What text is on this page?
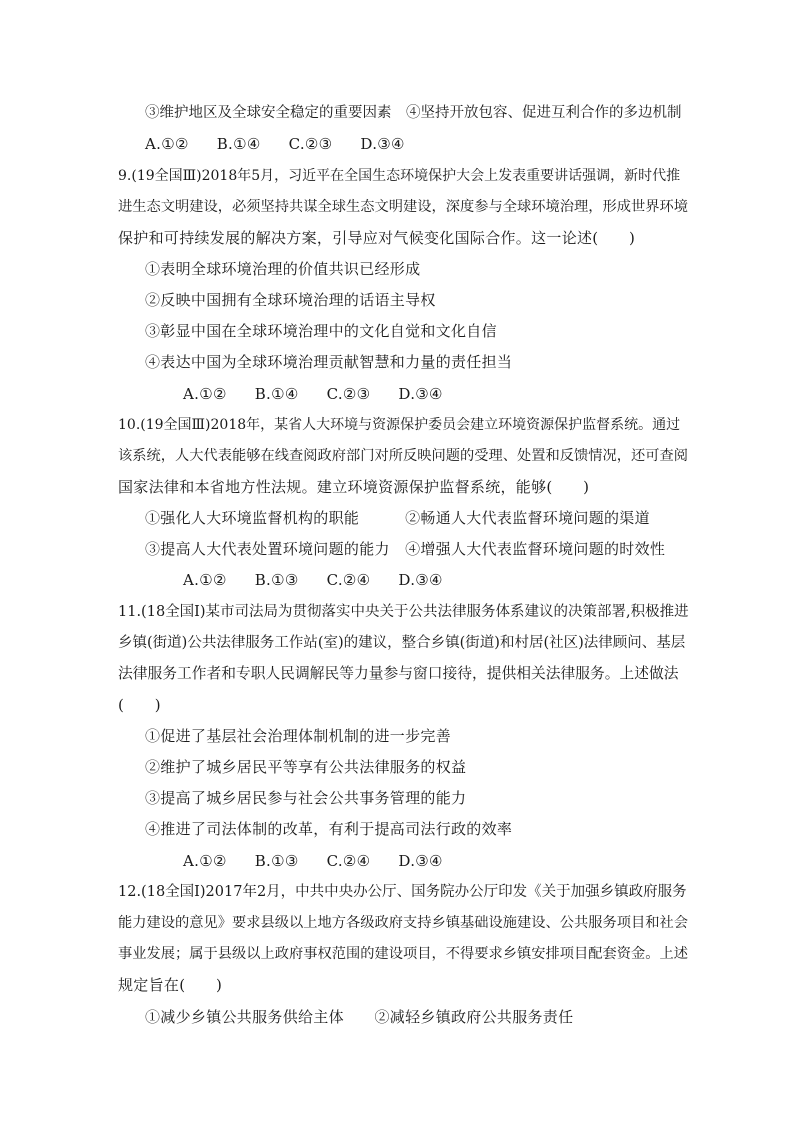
③维护地区及全球安全稳定的重要因素　④坚持开放包容、促进互利合作的多边机制
A.①② B.①④ C.②③ D.③④
9.(19全国Ⅲ)2018年5月，习近平在全国生态环境保护大会上发表重要讲话强调，新时代推
进生态文明建设，必须坚持共谋全球生态文明建设，深度参与全球环境治理，形成世界环境
保护和可持续发展的解决方案，引导应对气候变化国际合作。这一论述(　　)
①表明全球环境治理的价值共识已经形成
②反映中国拥有全球环境治理的话语主导权
③彰显中国在全球环境治理中的文化自觉和文化自信
④表达中国为全球环境治理贡献智慧和力量的责任担当
A.①② B.①④ C.②③ D.③④
10.(19全国Ⅲ)2018年，某省人大环境与资源保护委员会建立环境资源保护监督系统。通过
该系统，人大代表能够在线查阅政府部门对所反映问题的受理、处置和反馈情况，还可查阅
国家法律和本省地方性法规。建立环境资源保护监督系统，能够(　　)
①强化人大环境监督机构的职能　　　②畅通人大代表监督环境问题的渠道
③提高人大代表处置环境问题的能力　④增强人大代表监督环境问题的时效性
A.①② B.①③ C.②④ D.③④
11.(18全国Ⅰ)某市司法局为贯彻落实中央关于公共法律服务体系建议的决策部署,积极推进
乡镇(街道)公共法律服务工作站(室)的建议，整合乡镇(街道)和村居(社区)法律顾问、基层
法律服务工作者和专职人民调解民等力量参与窗口接待，提供相关法律服务。上述做法
(　　)
①促进了基层社会治理体制机制的进一步完善
②维护了城乡居民平等享有公共法律服务的权益
③提高了城乡居民参与社会公共事务管理的能力
④推进了司法体制的改革，有利于提高司法行政的效率
A.①② B.①③ C.②④ D.③④
12.(18全国Ⅰ)2017年2月，中共中央办公厅、国务院办公厅印发《关于加强乡镇政府服务
能力建设的意见》要求县级以上地方各级政府支持乡镇基础设施建设、公共服务项目和社会
事业发展；属于县级以上政府事权范围的建设项目，不得要求乡镇安排项目配套资金。上述
规定旨在(　　)
①减少乡镇公共服务供给主体　　②减轻乡镇政府公共服务责任
